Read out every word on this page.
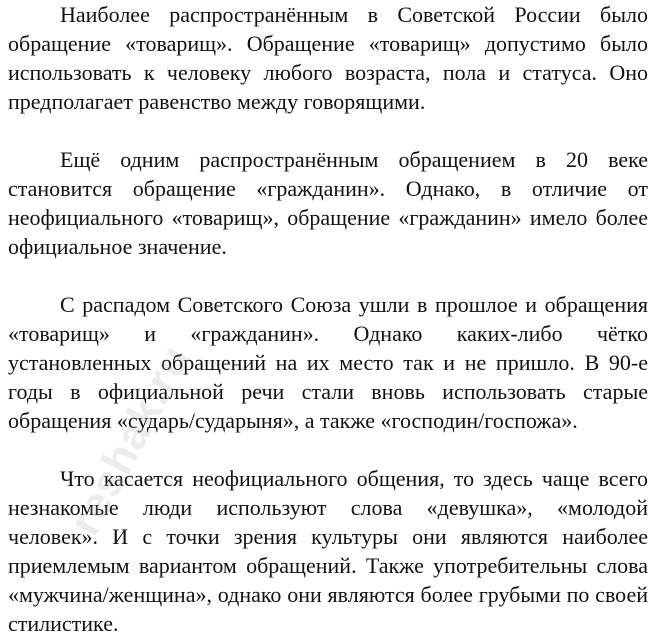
Наиболее распространённым в Советской России было обращение «товарищ». Обращение «товарищ» допустимо было использовать к человеку любого возраста, пола и статуса. Оно предполагает равенство между говорящими.

Ещё одним распространённым обращением в 20 веке становится обращение «гражданин». Однако, в отличие от неофициального «товарищ», обращение «гражданин» имело более официальное значение.

С распадом Советского Союза ушли в прошлое и обращения «товарищ» и «гражданин». Однако каких-либо чётко установленных обращений на их место так и не пришло. В 90-е годы в официальной речи стали вновь использовать старые обращения «сударь/сударыня», а также «господин/госпожа».

Что касается неофициального общения, то здесь чаще всего незнакомые люди используют слова «девушка», «молодой человек». И с точки зрения культуры они являются наиболее приемлемым вариантом обращений. Также употребительны слова «мужчина/женщина», однако они являются более грубыми по своей стилистике.

reshak.ru
